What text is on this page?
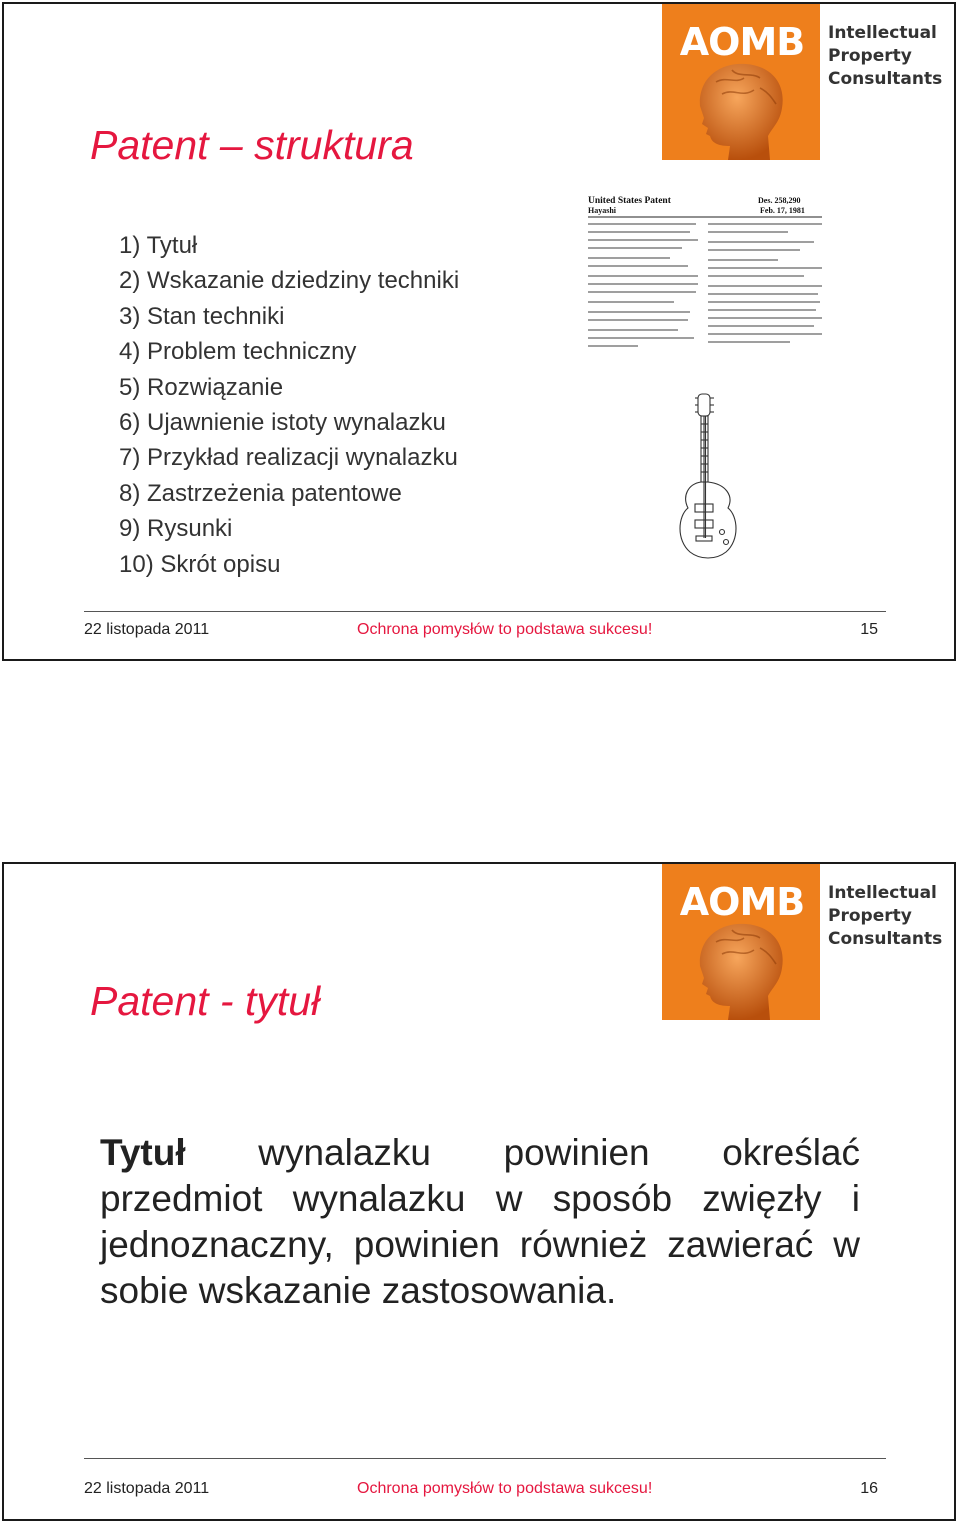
AOMB	Intellectual
Property
Consultants
Patent – struktura
1) Tytuł
2) Wskazanie dziedziny techniki
3) Stan techniki
4) Problem techniczny
5) Rozwiązanie
6) Ujawnienie istoty wynalazku
7) Przykład realizacji wynalazku
8) Zastrzeżenia patentowe
9) Rysunki
10) Skrót opisu
United States Patent
Hayashi
Des. 258,290
Feb. 17, 1981
22 listopada 2011	Ochrona pomysłów to podstawa sukcesu!	15
AOMB	Intellectual
Property
Consultants
Patent - tytuł
22 listopada 2011	Ochrona pomysłów to podstawa sukcesu!	16
Tytuł wynalazku powinien określać
przedmiot wynalazku w sposób zwięzły i
jednoznaczny, powinien również zawierać w
sobie wskazanie zastosowania.
